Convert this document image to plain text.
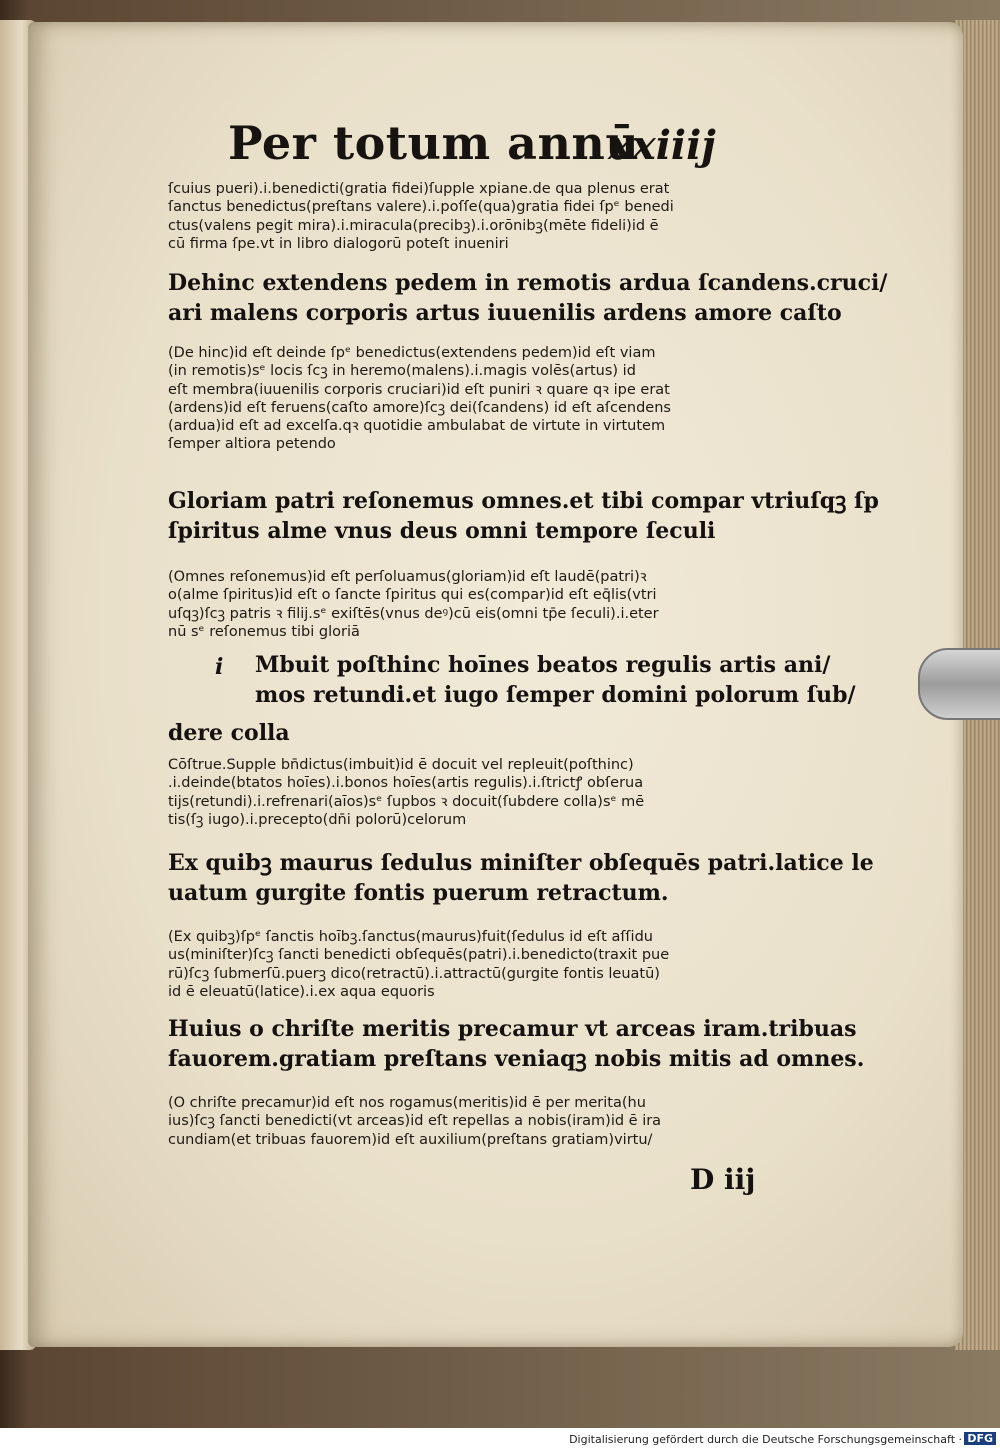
Per totum annū
xxiiij
ſcuius pueri).i.benedicti(gratia fidei)ſupple xpiane.de qua plenus erat
ſanctus benedictus(preſtans valere).i.poſſe(qua)gratia fidei ſpᵉ benedi
ctus(valens pegit mira).i.miracula(precibꝫ).i.orōnibꝫ(mēte fideli)id ē
cū firma ſpe.vt in libro dialogorū poteſt inueniri
Dehinc extendens pedem in remotis ardua ſcandens.cruci/
ari malens corporis artus iuuenilis ardens amore caſto
(De hinc)id eſt deinde ſpᵉ benedictus(extendens pedem)id eſt viam
(in remotis)sᵉ locis ſcꝫ in heremo(malens).i.magis volēs(artus) id
eſt membra(iuuenilis corporis cruciari)id eſt puniri ꝛ quare qꝛ ipe erat
(ardens)id eſt feruens(caſto amore)ſcꝫ dei(ſcandens) id eſt aſcendens
(ardua)id eſt ad excelſa.qꝛ quotidie ambulabat de virtute in virtutem
ſemper altiora petendo
Gloriam patri reſonemus omnes.et tibi compar vtriuſqꝫ ſp
ſpiritus alme vnus deus omni tempore ſeculi
(Omnes reſonemus)id eſt perſoluamus(gloriam)id eſt laudē(patri)ꝛ
o(alme ſpiritus)id eſt o ſancte ſpiritus qui es(compar)id eſt eq̄lis(vtri
uſqꝫ)ſcꝫ patris ꝛ filij.sᵉ exiſtēs(vnus deꝰ)cū eis(omni tp̄e ſeculi).i.eter
nū sᵉ reſonemus tibi gloriā
i Mbuit poſthinc hoīnes beatos regulis artis ani/
mos retundi.et iugo ſemper domini polorum ſub/
dere colla
Cōſtrue.Supple bn̄dictus(imbuit)id ē docuit vel repleuit(poſthinc)
.i.deinde(btatos hoīes).i.bonos hoīes(artis regulis).i.ſtrictꝭ obſerua
tijs(retundi).i.refrenari(aīos)sᵉ ſupbos ꝛ docuit(ſubdere colla)sᵉ mē
tis(ſꝫ iugo).i.precepto(dn̄i polorū)celorum
Ex quibꝫ maurus ſedulus miniſter obſequēs patri.latice le
uatum gurgite fontis puerum retractum.
(Ex quibꝫ)ſpᵉ ſanctis hoībꝫ.ſanctus(maurus)fuit(ſedulus id eſt aſſidu
us(miniſter)ſcꝫ ſancti benedicti obſequēs(patri).i.benedicto(traxit pue
rū)ſcꝫ ſubmerſū.puerꝫ dico(retractū).i.attractū(gurgite fontis leuatū)
id ē eleuatū(latice).i.ex aqua equoris
Huius o chriſte meritis precamur vt arceas iram.tribuas
fauorem.gratiam preſtans veniaqꝫ nobis mitis ad omnes.
(O chriſte precamur)id eſt nos rogamus(meritis)id ē per merita(hu
ius)ſcꝫ ſancti benedicti(vt arceas)id eſt repellas a nobis(iram)id ē ira
cundiam(et tribuas fauorem)id eſt auxilium(preſtans gratiam)virtu/
D iij
Digitalisierung gefördert durch die Deutsche Forschungsgemeinschaft · DFG
